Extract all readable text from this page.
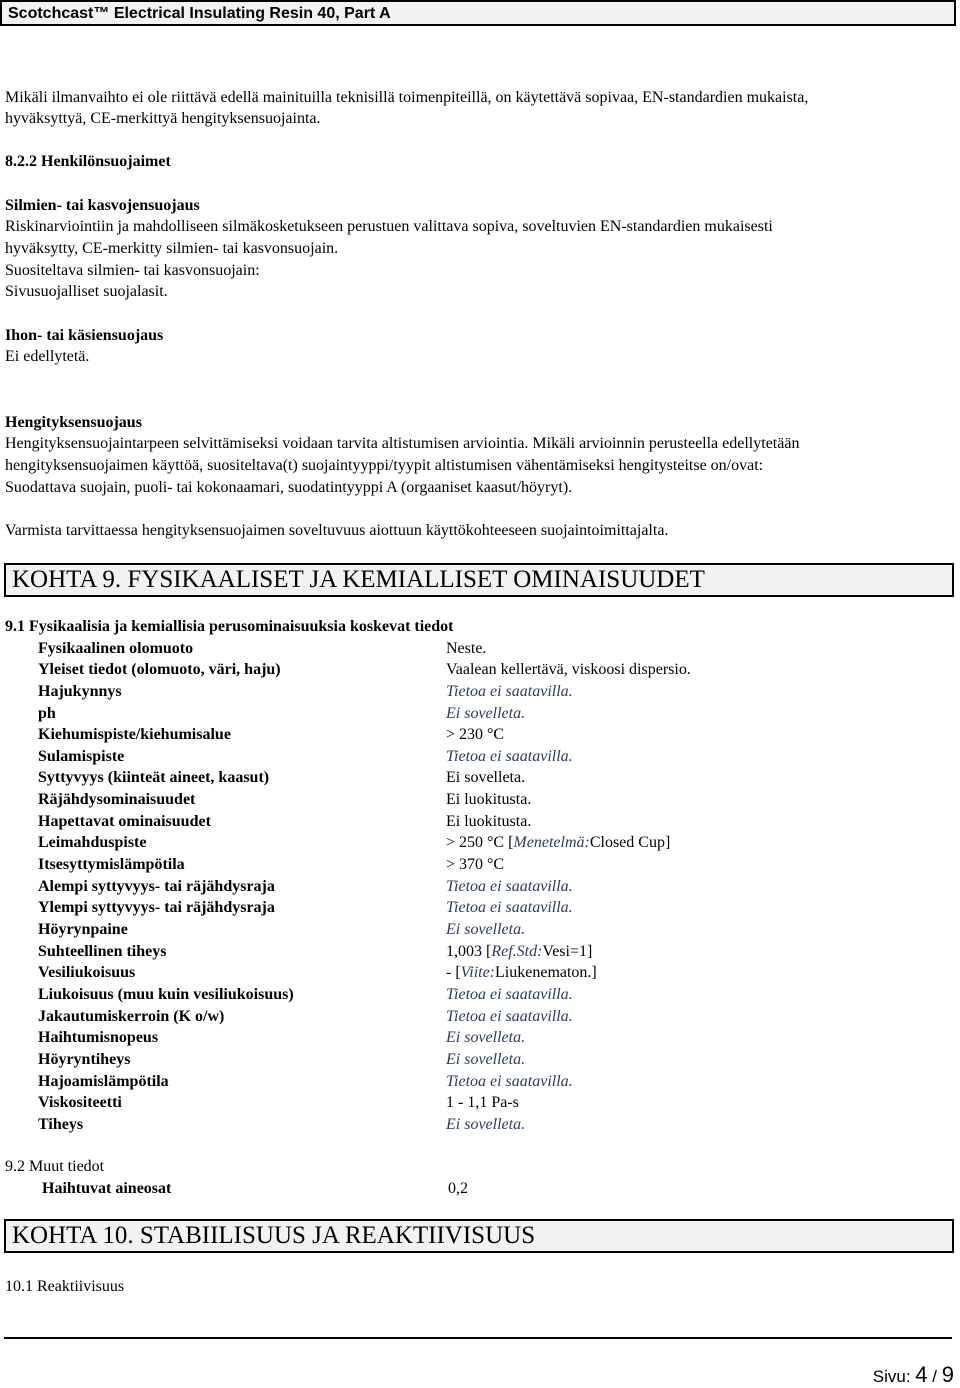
Scotchcast™ Electrical Insulating Resin 40, Part A
Mikäli ilmanvaihto ei ole riittävä edellä mainituilla teknisillä toimenpiteillä, on käytettävä sopivaa, EN-standardien mukaista,
hyväksyttyä, CE-merkittyä hengityksensuojainta.
8.2.2 Henkilönsuojaimet
Silmien- tai kasvojensuojaus
Riskinarviointiin ja mahdolliseen silmäkosketukseen perustuen valittava sopiva, soveltuvien EN-standardien mukaisesti
hyväksytty, CE-merkitty silmien- tai kasvonsuojain.
Suositeltava silmien- tai kasvonsuojain:
Sivusuojalliset suojalasit.
Ihon- tai käsiensuojaus
Ei edellytetä.
Hengityksensuojaus
Hengityksensuojaintarpeen selvittämiseksi voidaan tarvita altistumisen arviointia. Mikäli arvioinnin perusteella edellytetään
hengityksensuojaimen käyttöä, suositeltava(t) suojaintyyppi/tyypit altistumisen vähentämiseksi hengitysteitse on/ovat:
Suodattava suojain, puoli- tai kokonaamari, suodatintyyppi A (orgaaniset kaasut/höyryt).
Varmista tarvittaessa hengityksensuojaimen soveltuvuus aiottuun käyttökohteeseen suojaintoimittajalta.
KOHTA 9. FYSIKAALISET JA KEMIALLISET OMINAISUUDET
9.1 Fysikaalisia ja kemiallisia perusominaisuuksia koskevat tiedot
Fysikaalinen olomuoto
Yleiset tiedot (olomuoto, väri, haju)
Hajukynnys
ph
Kiehumispiste/kiehumisalue
Sulamispiste
Syttyvyys (kiinteät aineet, kaasut)
Räjähdysominaisuudet
Hapettavat ominaisuudet
Leimahduspiste
Itsesyttymislämpötila
Alempi syttyvyys- tai räjähdysraja
Ylempi syttyvyys- tai räjähdysraja
Höyrynpaine
Suhteellinen tiheys
Vesiliukoisuus
Liukoisuus (muu kuin vesiliukoisuus)
Jakautumiskerroin (K o/w)
Haihtumisnopeus
Höyryntiheys
Hajoamislämpötila
Viskositeetti
Tiheys
Neste.
Vaalean kellertävä, viskoosi dispersio.
Tietoa ei saatavilla.
Ei sovelleta.
> 230 °C
Tietoa ei saatavilla.
Ei sovelleta.
Ei luokitusta.
Ei luokitusta.
> 250 °C [Menetelmä:Closed Cup]
> 370 °C
Tietoa ei saatavilla.
Tietoa ei saatavilla.
Ei sovelleta.
1,003 [Ref.Std:Vesi=1]
- [Viite:Liukenematon.]
Tietoa ei saatavilla.
Tietoa ei saatavilla.
Ei sovelleta.
Ei sovelleta.
Tietoa ei saatavilla.
1 - 1,1 Pa-s
Ei sovelleta.
9.2 Muut tiedot
Haihtuvat aineosat	0,2
KOHTA 10. STABIILISUUS JA REAKTIIVISUUS
10.1 Reaktiivisuus
Sivu: 4 / 9
